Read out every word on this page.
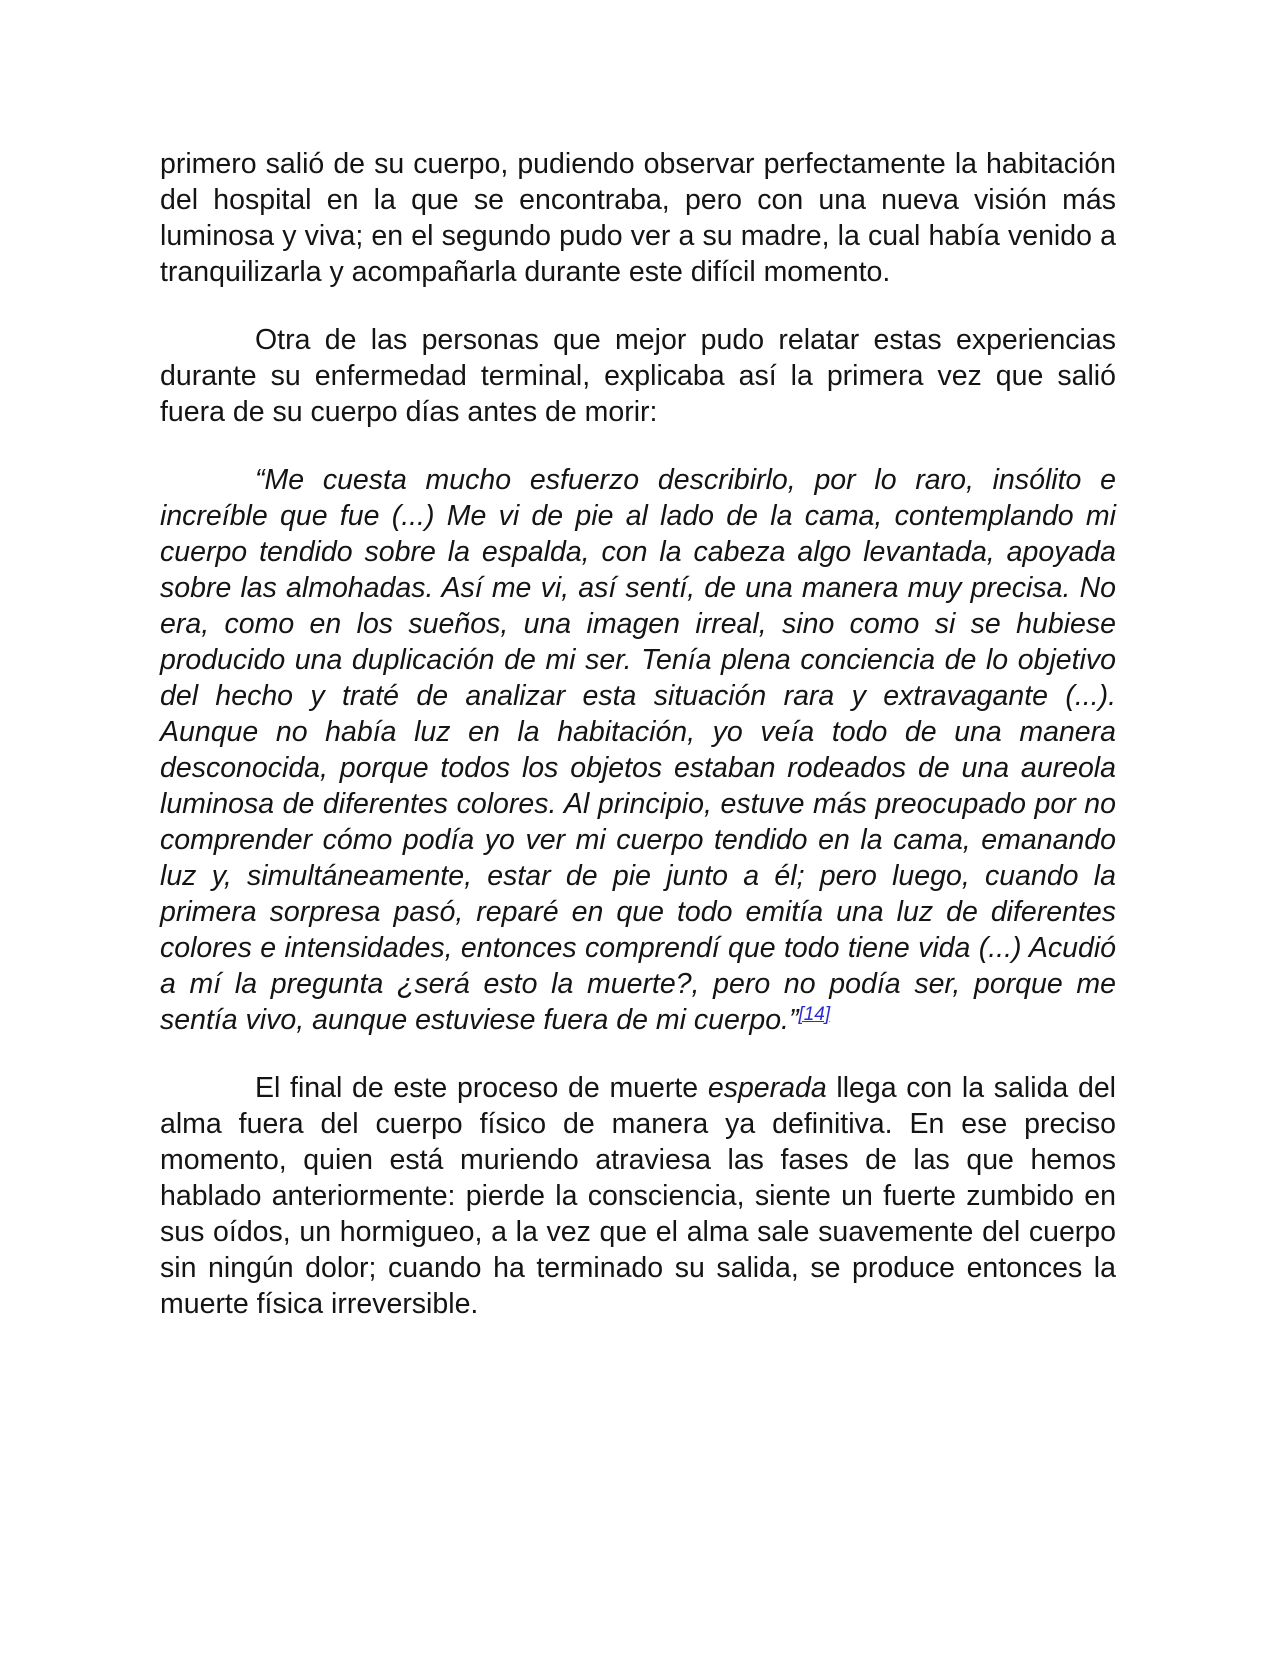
primero salió de su cuerpo, pudiendo observar perfectamente la habitación del hospital en la que se encontraba, pero con una nueva visión más luminosa y viva; en el segundo pudo ver a su madre, la cual había venido a tranquilizarla y acompañarla durante este difícil momento.

Otra de las personas que mejor pudo relatar estas experiencias durante su enfermedad terminal, explicaba así la primera vez que salió fuera de su cuerpo días antes de morir:

“Me cuesta mucho esfuerzo describirlo, por lo raro, insólito e increíble que fue (...) Me vi de pie al lado de la cama, contemplando mi cuerpo tendido sobre la espalda, con la cabeza algo levantada, apoyada sobre las almohadas. Así me vi, así sentí, de una manera muy precisa. No era, como en los sueños, una imagen irreal, sino como si se hubiese producido una duplicación de mi ser. Tenía plena conciencia de lo objetivo del hecho y traté de analizar esta situación rara y extravagante (...). Aunque no había luz en la habitación, yo veía todo de una manera desconocida, porque todos los objetos estaban rodeados de una aureola luminosa de diferentes colores. Al principio, estuve más preocupado por no comprender cómo podía yo ver mi cuerpo tendido en la cama, emanando luz y, simultáneamente, estar de pie junto a él; pero luego, cuando la primera sorpresa pasó, reparé en que todo emitía una luz de diferentes colores e intensidades, entonces comprendí que todo tiene vida (...) Acudió a mí la pregunta ¿será esto la muerte?, pero no podía ser, porque me sentía vivo, aunque estuviese fuera de mi cuerpo.”[14]

El final de este proceso de muerte esperada llega con la salida del alma fuera del cuerpo físico de manera ya definitiva. En ese preciso momento, quien está muriendo atraviesa las fases de las que hemos hablado anteriormente: pierde la consciencia, siente un fuerte zumbido en sus oídos, un hormigueo, a la vez que el alma sale suavemente del cuerpo sin ningún dolor; cuando ha terminado su salida, se produce entonces la muerte física irreversible.
